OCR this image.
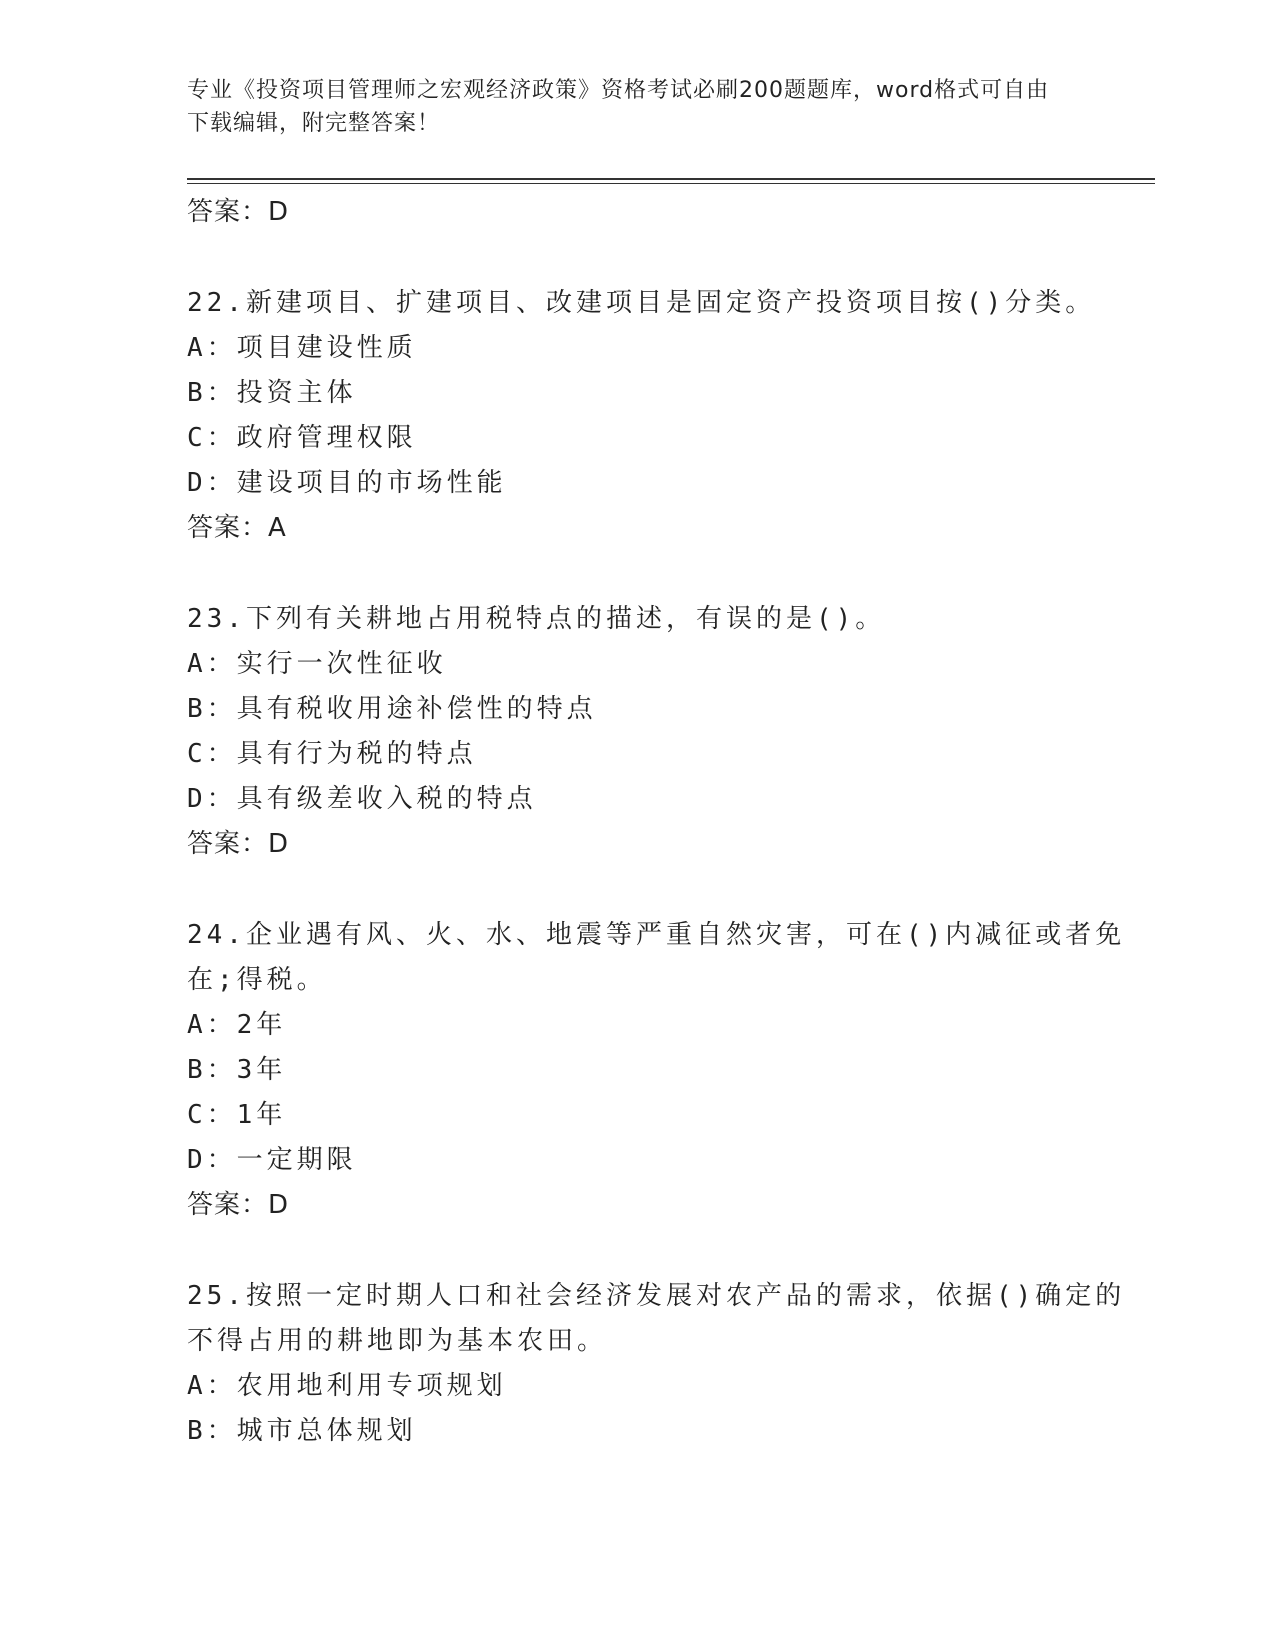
专业《投资项目管理师之宏观经济政策》资格考试必刷200题题库，word格式可自由下载编辑，附完整答案！
答案：D
22.新建项目、扩建项目、改建项目是固定资产投资项目按()分类。
A：项目建设性质
B：投资主体
C：政府管理权限
D：建设项目的市场性能
答案：A
23.下列有关耕地占用税特点的描述，有误的是()。
A：实行一次性征收
B：具有税收用途补偿性的特点
C：具有行为税的特点
D：具有级差收入税的特点
答案：D
24.企业遇有风、火、水、地震等严重自然灾害，可在()内减征或者免
在;得税。
A：2年
B：3年
C：1年
D：一定期限
答案：D
25.按照一定时期人口和社会经济发展对农产品的需求，依据()确定的
不得占用的耕地即为基本农田。
A：农用地利用专项规划
B：城市总体规划
